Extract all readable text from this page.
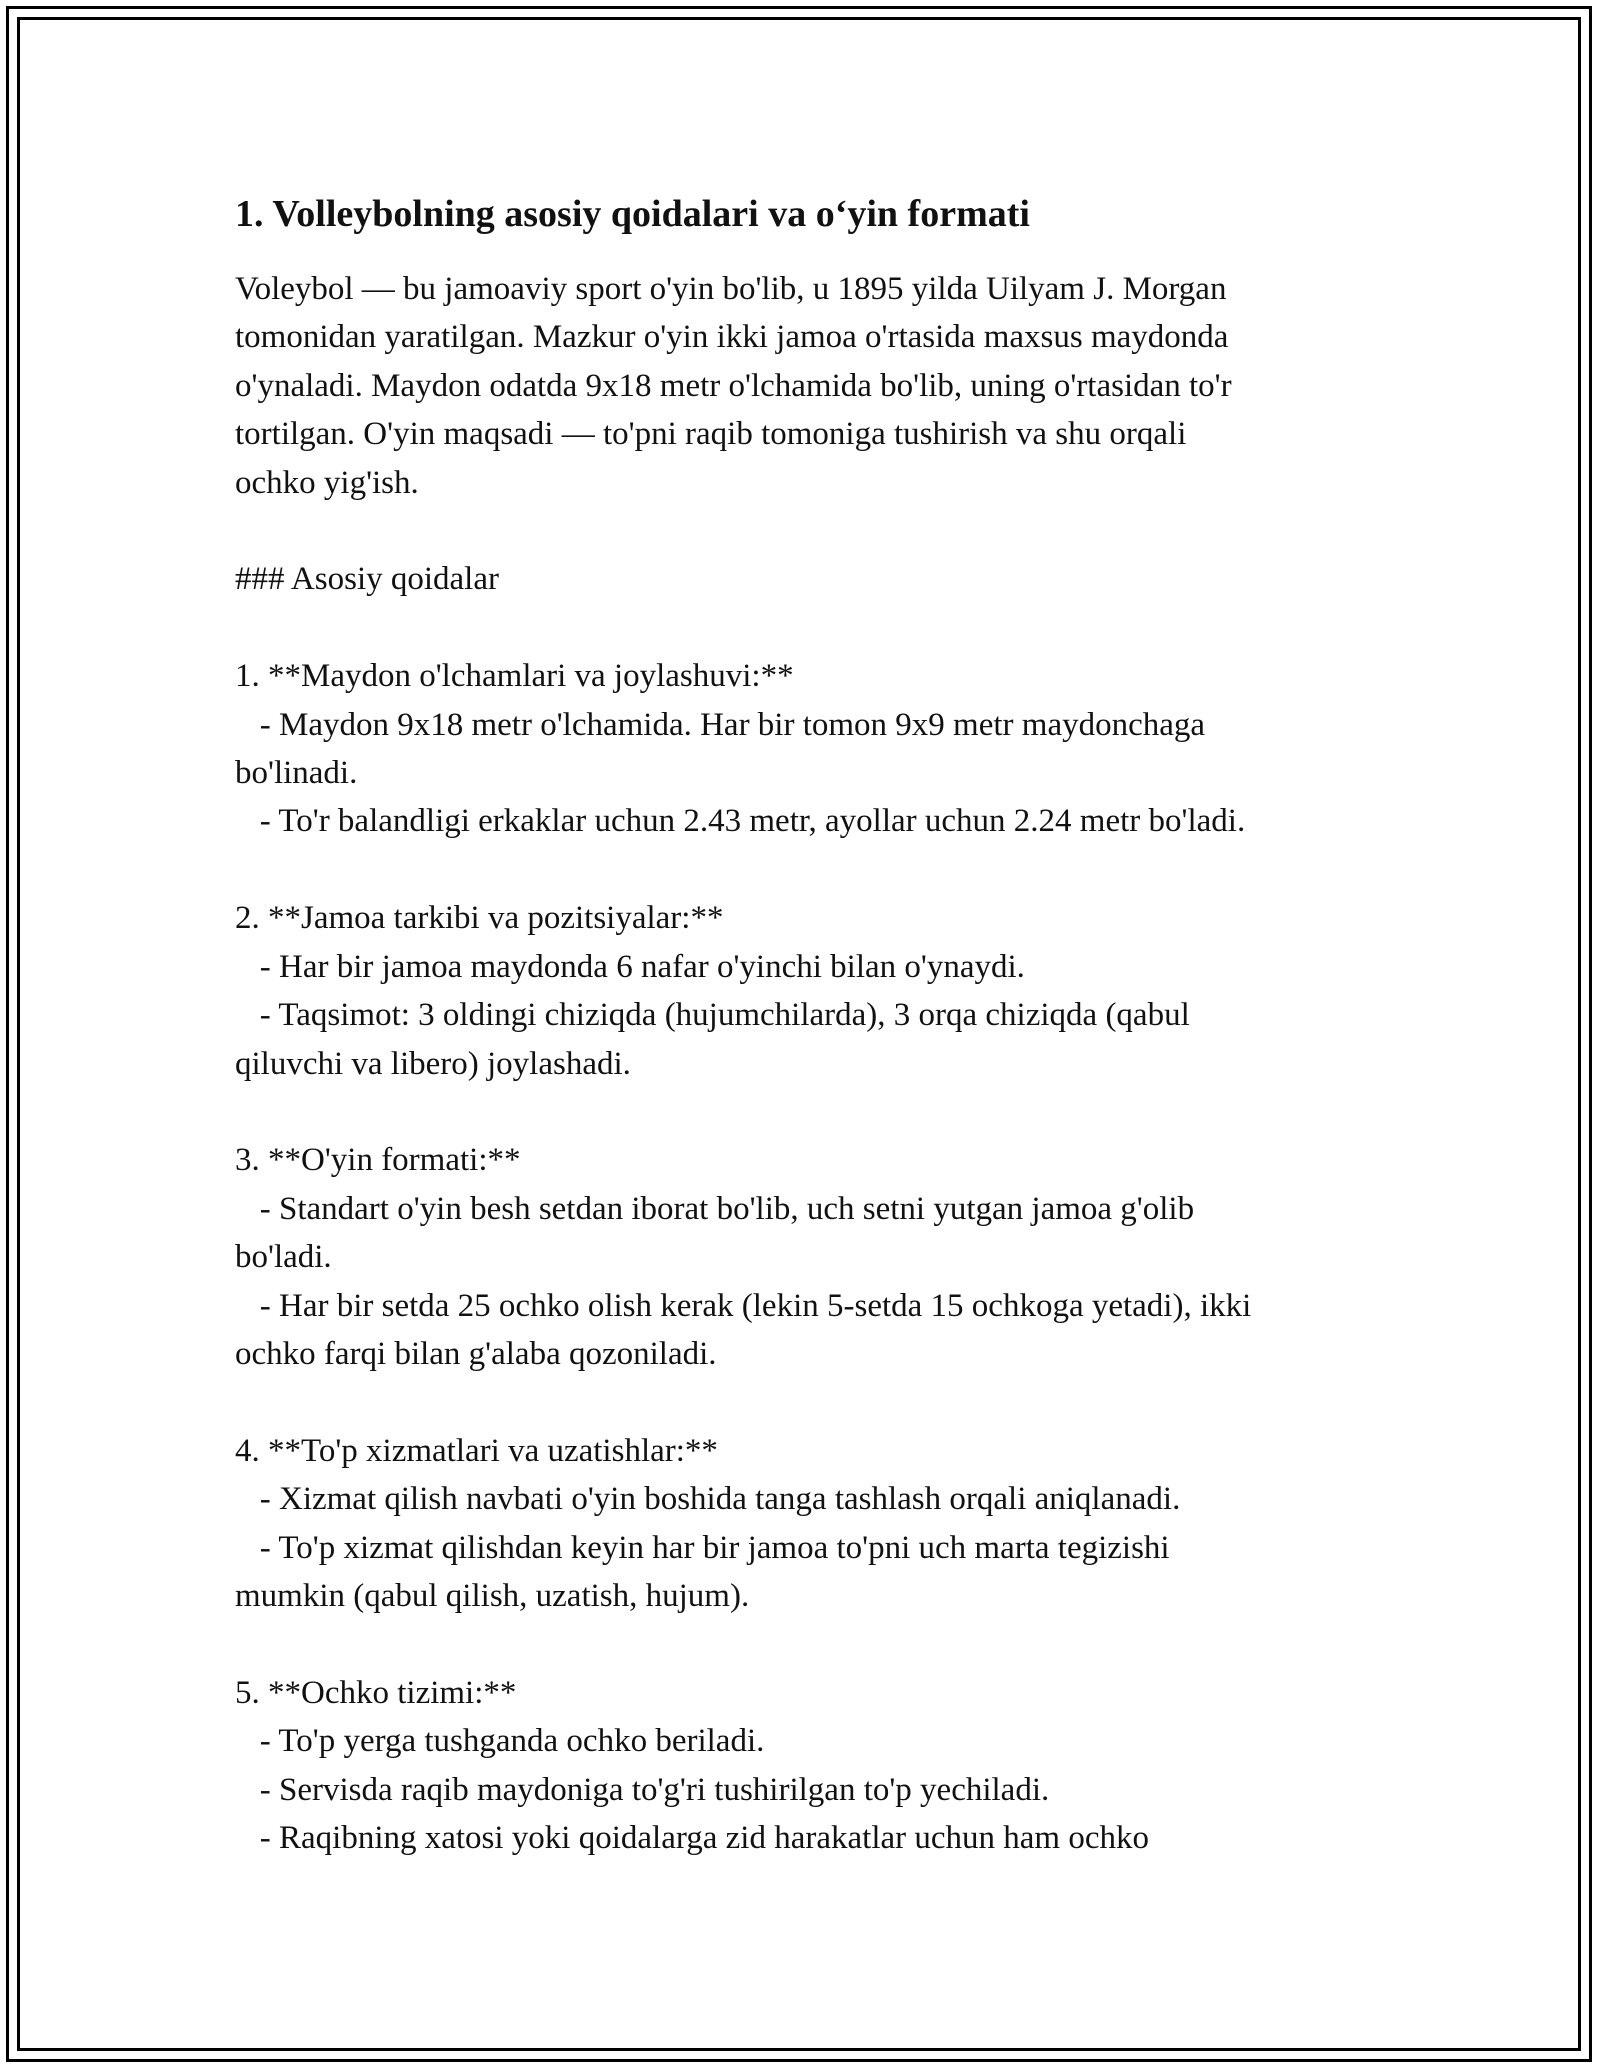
1. Volleybolning asosiy qoidalari va o‘yin formati
Voleybol — bu jamoaviy sport o'yin bo'lib, u 1895 yilda Uilyam J. Morgan
tomonidan yaratilgan. Mazkur o'yin ikki jamoa o'rtasida maxsus maydonda
o'ynaladi. Maydon odatda 9x18 metr o'lchamida bo'lib, uning o'rtasidan to'r
tortilgan. O'yin maqsadi — to'pni raqib tomoniga tushirish va shu orqali
ochko yig'ish.

### Asosiy qoidalar

1. **Maydon o'lchamlari va joylashuvi:**
- Maydon 9x18 metr o'lchamida. Har bir tomon 9x9 metr maydonchaga
bo'linadi.
- To'r balandligi erkaklar uchun 2.43 metr, ayollar uchun 2.24 metr bo'ladi.

2. **Jamoa tarkibi va pozitsiyalar:**
- Har bir jamoa maydonda 6 nafar o'yinchi bilan o'ynaydi.
- Taqsimot: 3 oldingi chiziqda (hujumchilarda), 3 orqa chiziqda (qabul
qiluvchi va libero) joylashadi.

3. **O'yin formati:**
- Standart o'yin besh setdan iborat bo'lib, uch setni yutgan jamoa g'olib
bo'ladi.
- Har bir setda 25 ochko olish kerak (lekin 5-setda 15 ochkoga yetadi), ikki
ochko farqi bilan g'alaba qozoniladi.

4. **To'p xizmatlari va uzatishlar:**
- Xizmat qilish navbati o'yin boshida tanga tashlash orqali aniqlanadi.
- To'p xizmat qilishdan keyin har bir jamoa to'pni uch marta tegizishi
mumkin (qabul qilish, uzatish, hujum).

5. **Ochko tizimi:**
- To'p yerga tushganda ochko beriladi.
- Servisda raqib maydoniga to'g'ri tushirilgan to'p yechiladi.
- Raqibning xatosi yoki qoidalarga zid harakatlar uchun ham ochko
